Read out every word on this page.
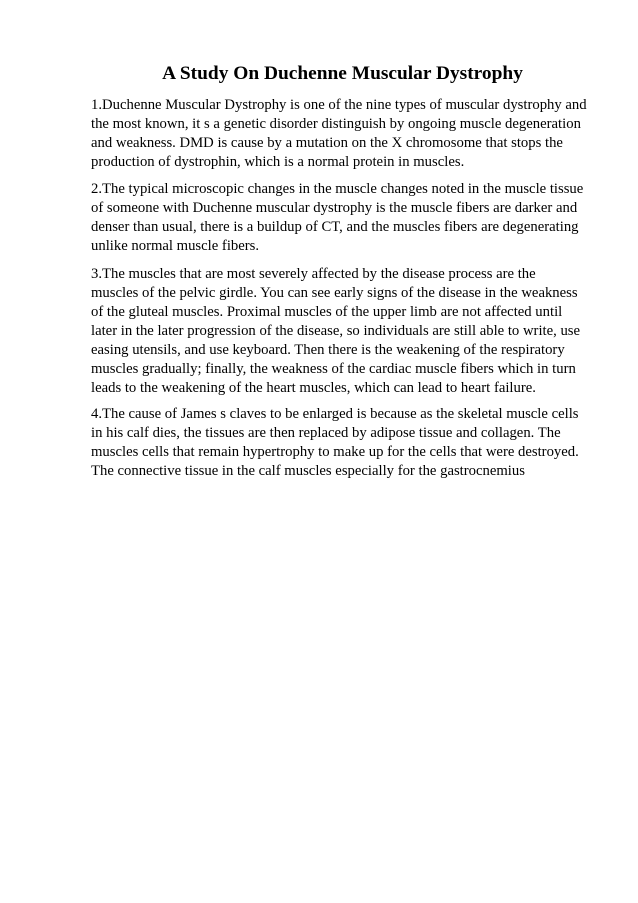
A Study On Duchenne Muscular Dystrophy

1.Duchenne Muscular Dystrophy is one of the nine types of muscular dystrophy and
the most known, it s a genetic disorder distinguish by ongoing muscle degeneration
and weakness. DMD is cause by a mutation on the X chromosome that stops the
production of dystrophin, which is a normal protein in muscles.

2.The typical microscopic changes in the muscle changes noted in the muscle tissue
of someone with Duchenne muscular dystrophy is the muscle fibers are darker and
denser than usual, there is a buildup of CT, and the muscles fibers are degenerating
unlike normal muscle fibers.

3.The muscles that are most severely affected by the disease process are the
muscles of the pelvic girdle. You can see early signs of the disease in the weakness
of the gluteal muscles. Proximal muscles of the upper limb are not affected until
later in the later progression of the disease, so individuals are still able to write, use
easing utensils, and use keyboard. Then there is the weakening of the respiratory
muscles gradually; finally, the weakness of the cardiac muscle fibers which in turn
leads to the weakening of the heart muscles, which can lead to heart failure.

4.The cause of James s claves to be enlarged is because as the skeletal muscle cells
in his calf dies, the tissues are then replaced by adipose tissue and collagen. The
muscles cells that remain hypertrophy to make up for the cells that were destroyed.
The connective tissue in the calf muscles especially for the gastrocnemius
